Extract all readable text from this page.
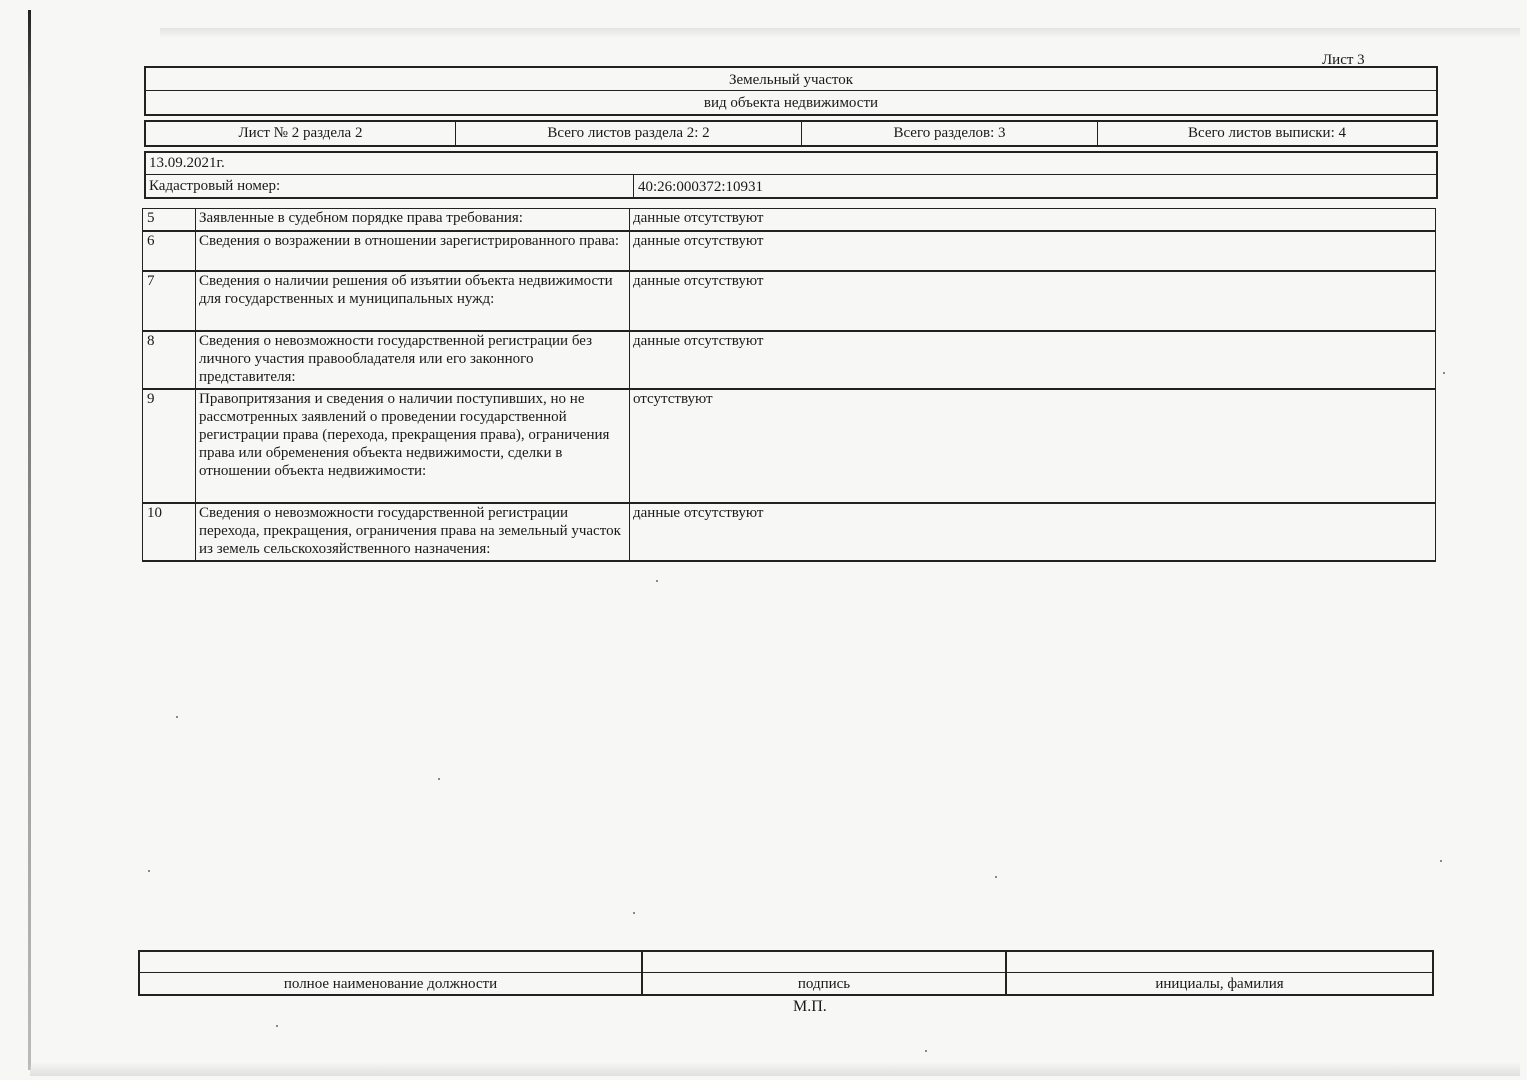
Лист 3
Земельный участок
вид объекта недвижимости
Лист № 2 раздела 2	Всего листов раздела 2: 2	Всего разделов: 3	Всего листов выписки: 4
13.09.2021г.
Кадастровый номер:	40:26:000372:10931
5	Заявленные в судебном порядке права требования:	данные отсутствуют
6	Сведения о возражении в отношении зарегистрированного права:	данные отсутствуют
7	Сведения о наличии решения об изъятии объекта недвижимости для государственных и муниципальных нужд:	данные отсутствуют
8	Сведения о невозможности государственной регистрации без личного участия правообладателя или его законного представителя:	данные отсутствуют
9	Правопритязания и сведения о наличии поступивших, но не рассмотренных заявлений о проведении государственной регистрации права (перехода, прекращения права), ограничения права или обременения объекта недвижимости, сделки в отношении объекта недвижимости:	отсутствуют
10	Сведения о невозможности государственной регистрации перехода, прекращения, ограничения права на земельный участок из земель сельскохозяйственного назначения:	данные отсутствуют
полное наименование должности	подпись	инициалы, фамилия
М.П.
